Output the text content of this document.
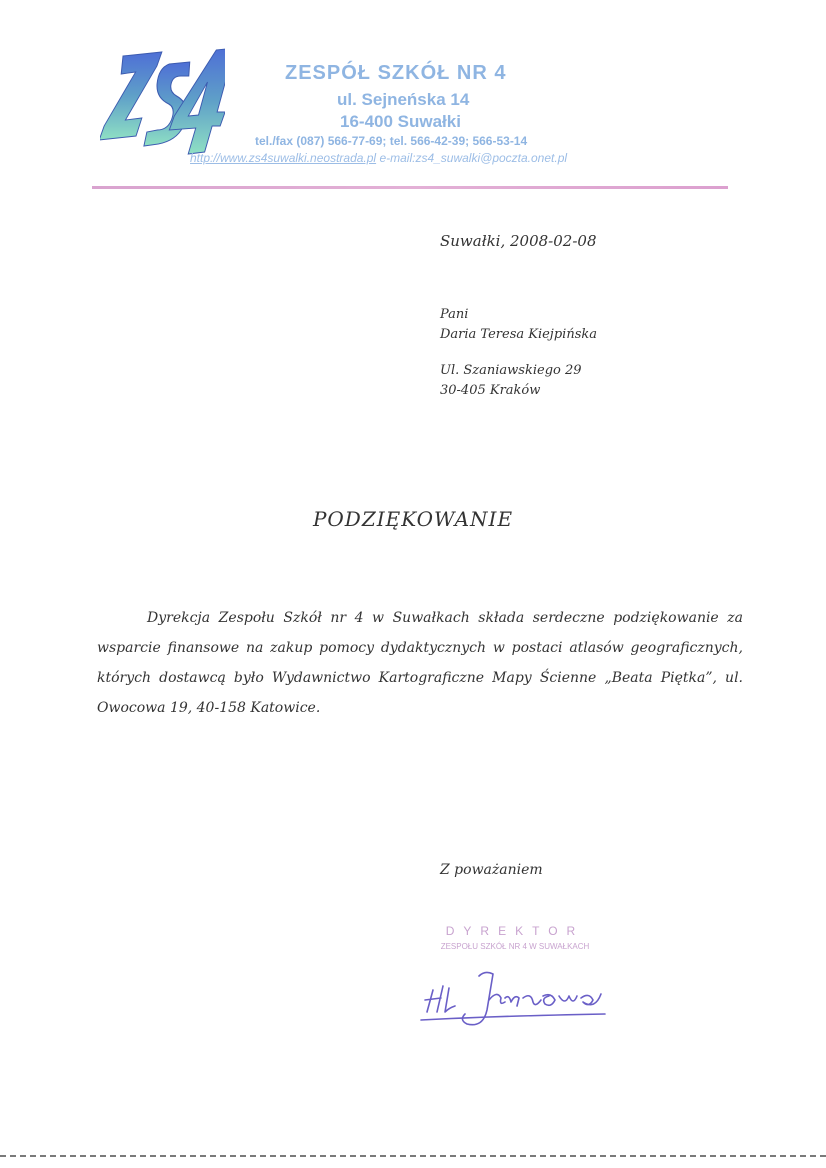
ZESPÓŁ SZKÓŁ NR 4
ul. Sejneńska 14
16-400 Suwałki
tel./fax (087) 566-77-69; tel. 566-42-39; 566-53-14
http://www.zs4suwalki.neostrada.pl e-mail:zs4_suwalki@poczta.onet.pl
Suwałki, 2008-02-08
Pani
Daria Teresa Kiejpińska
Ul. Szaniawskiego 29
30-405 Kraków
PODZIĘKOWANIE

Dyrekcja Zespołu Szkół nr 4 w Suwałkach składa serdeczne podziękowanie za wsparcie finansowe na zakup pomocy dydaktycznych w postaci atlasów geograficznych, których dostawcą było Wydawnictwo Kartograficzne Mapy Ścienne „Beata Piętka”, ul. Owocowa 19, 40-158 Katowice.

Z poważaniem
DYREKTOR
ZESPOŁU SZKÓŁ NR 4 W SUWAŁKACH
